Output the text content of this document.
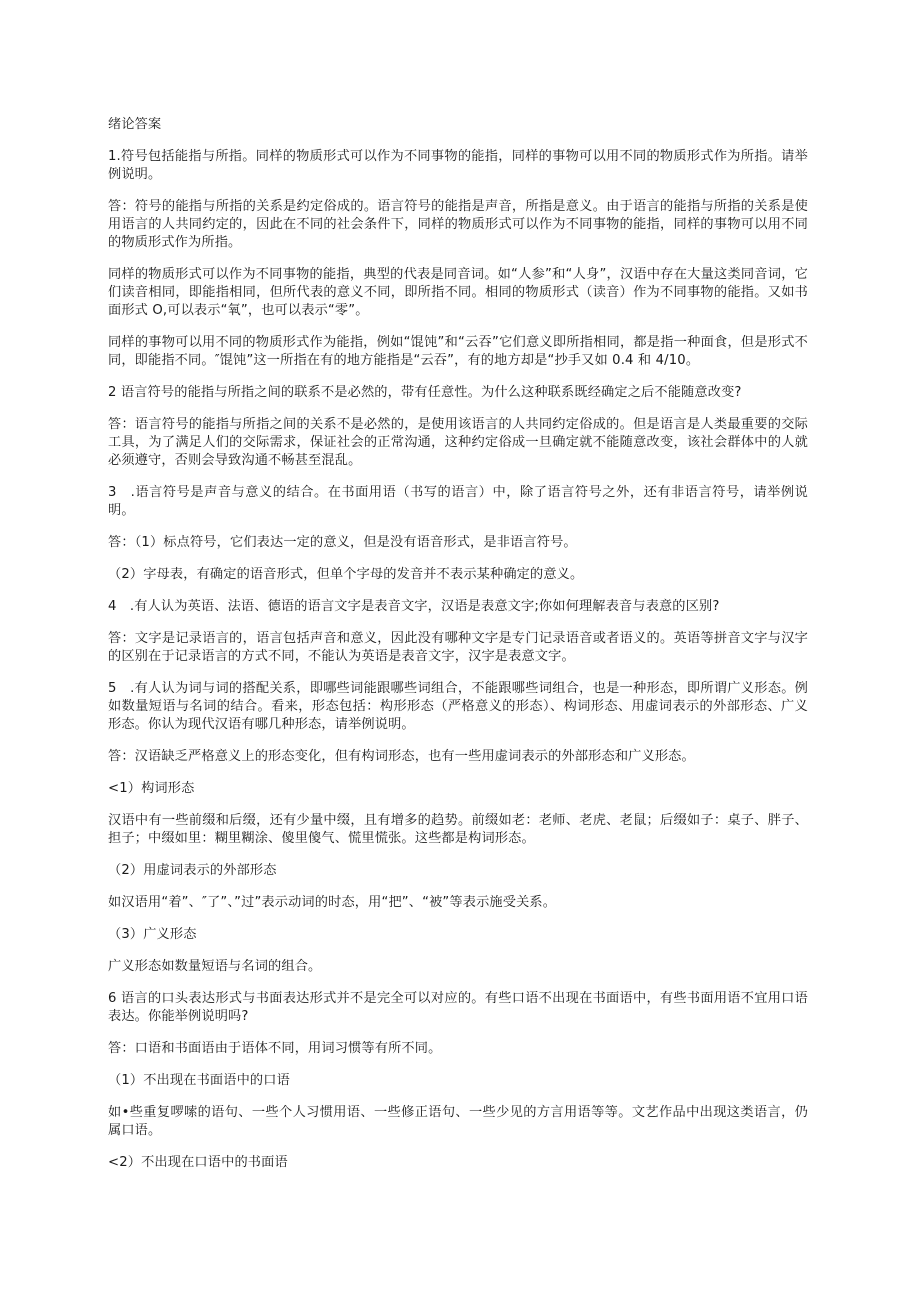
绪论答案

1.符号包括能指与所指。同样的物质形式可以作为不同事物的能指，同样的事物可以用不同的物质形式作为所指。请举例说明。

答：符号的能指与所指的关系是约定俗成的。语言符号的能指是声音，所指是意义。由于语言的能指与所指的关系是使用语言的人共同约定的，因此在不同的社会条件下，同样的物质形式可以作为不同事物的能指，同样的事物可以用不同的物质形式作为所指。

同样的物质形式可以作为不同事物的能指，典型的代表是同音词。如“人参”和“人身”，汉语中存在大量这类同音词，它们读音相同，即能指相同，但所代表的意义不同，即所指不同。相同的物质形式（读音）作为不同事物的能指。又如书面形式 O,可以表示“氧”，也可以表示“零”。

同样的事物可以用不同的物质形式作为能指，例如“馄饨”和“云吞”它们意义即所指相同，都是指一种面食，但是形式不同，即能指不同。″馄饨”这一所指在有的地方能指是“云吞”，有的地方却是“抄手又如 0.4 和 4/10。

2 语言符号的能指与所指之间的联系不是必然的，带有任意性。为什么这种联系既经确定之后不能随意改变?

答：语言符号的能指与所指之间的关系不是必然的，是使用该语言的人共同约定俗成的。但是语言是人类最重要的交际工具，为了满足人们的交际需求，保证社会的正常沟通，这种约定俗成一旦确定就不能随意改变，该社会群体中的人就必须遵守，否则会导致沟通不畅甚至混乱。

3　.语言符号是声音与意义的结合。在书面用语（书写的语言）中，除了语言符号之外，还有非语言符号，请举例说明。

答：（1）标点符号，它们表达一定的意义，但是没有语音形式，是非语言符号。

（2）字母表，有确定的语音形式，但单个字母的发音并不表示某种确定的意义。

4　.有人认为英语、法语、德语的语言文字是表音文字，汉语是表意文字;你如何理解表音与表意的区别?

答：文字是记录语言的，语言包括声音和意义，因此没有哪种文字是专门记录语音或者语义的。英语等拼音文字与汉字的区别在于记录语言的方式不同，不能认为英语是表音文字，汉字是表意文字。

5　.有人认为词与词的搭配关系，即哪些词能跟哪些词组合，不能跟哪些词组合，也是一种形态，即所谓广义形态。例如数量短语与名词的结合。看来，形态包括：构形形态（严格意义的形态）、构词形态、用虚词表示的外部形态、广义形态。你认为现代汉语有哪几种形态，请举例说明。

答：汉语缺乏严格意义上的形态变化，但有构词形态，也有一些用虚词表示的外部形态和广义形态。

<1）构词形态

汉语中有一些前缀和后缀，还有少量中缀，且有增多的趋势。前缀如老：老师、老虎、老鼠；后缀如子：桌子、胖子、担子；中缀如里：糊里糊涂、傻里傻气、慌里慌张。这些都是构词形态。

（2）用虚词表示的外部形态

如汉语用“着”、″了”、”过”表示动词的时态，用“把”、“被”等表示施受关系。

（3）广义形态

广义形态如数量短语与名词的组合。

6 语言的口头表达形式与书面表达形式并不是完全可以对应的。有些口语不出现在书面语中，有些书面用语不宜用口语表达。你能举例说明吗?

答：口语和书面语由于语体不同，用词习惯等有所不同。

（1）不出现在书面语中的口语

如•些重复啰嗦的语句、一些个人习惯用语、一些修正语句、一些少见的方言用语等等。文艺作品中出现这类语言，仍属口语。

<2）不出现在口语中的书面语
